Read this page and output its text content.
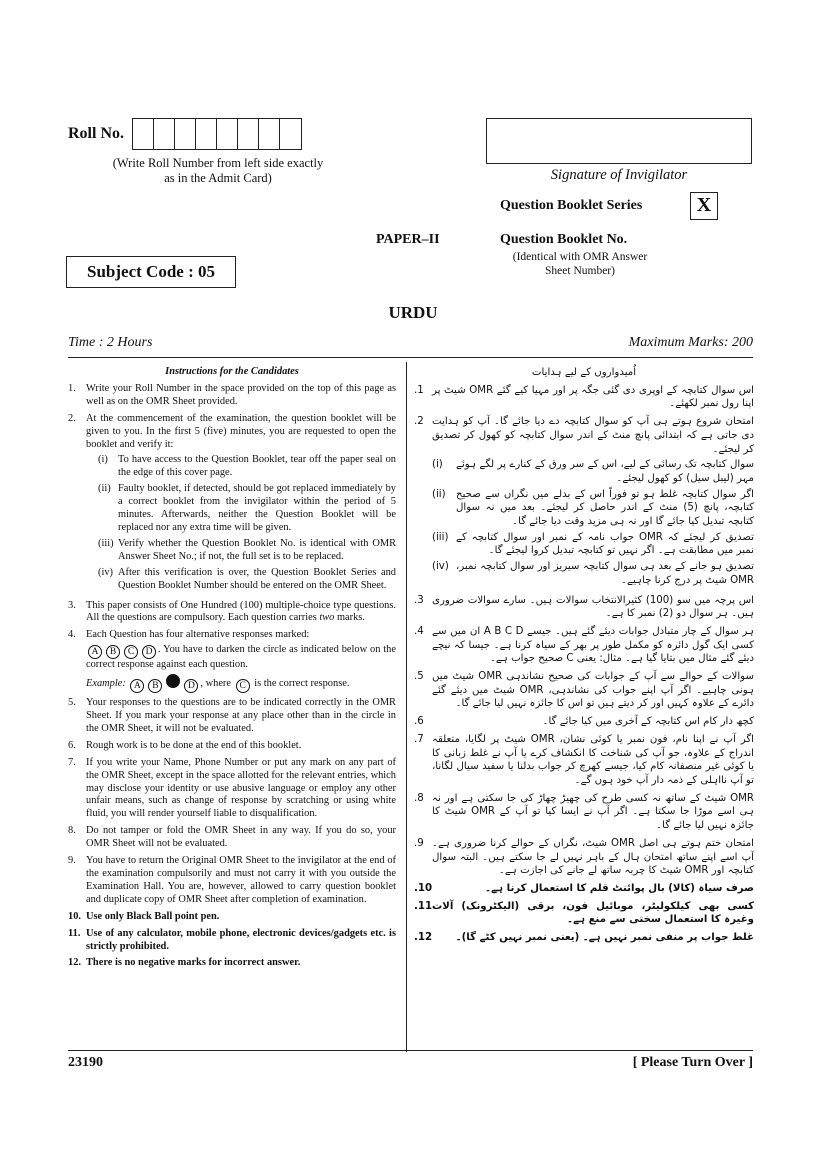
Roll No.
(Write Roll Number from left side exactly as in the Admit Card)	Signature of Invigilator
Question Booklet Series	X
PAPER–II	Question Booklet No.
(Identical with OMR Answer Sheet Number)
Subject Code : 05
URDU
Time : 2 Hours	Maximum Marks: 200
Instructions for the Candidates
1. Write your Roll Number in the space provided on the top of this page as well as on the OMR Sheet provided.
2. At the commencement of the examination, the question booklet will be given to you. In the first 5 (five) minutes, you are requested to open the booklet and verify it:
(i) To have access to the Question Booklet, tear off the paper seal on the edge of this cover page.
(ii) Faulty booklet, if detected, should be got replaced immediately by a correct booklet from the invigilator within the period of 5 minutes. Afterwards, neither the Question Booklet will be replaced nor any extra time will be given.
(iii) Verify whether the Question Booklet No. is identical with OMR Answer Sheet No.; if not, the full set is to be replaced.
(iv) After this verification is over, the Question Booklet Series and Question Booklet Number should be entered on the OMR Sheet.
3. This paper consists of One Hundred (100) multiple-choice type questions. All the questions are compulsory. Each question carries two marks.
4. Each Question has four alternative responses marked:
A B C D . You have to darken the circle as indicated below on the correct response against each question.
Example: A B	D , where C is the correct response.
5. Your responses to the questions are to be indicated correctly in the OMR Sheet. If you mark your response at any place other than in the circle in the OMR Sheet, it will not be evaluated.
6. Rough work is to be done at the end of this booklet.
7. If you write your Name, Phone Number or put any mark on any part of the OMR Sheet, except in the space allotted for the relevant entries, which may disclose your identity or use abusive language or employ any other unfair means, such as change of response by scratching or using white fluid, you will render yourself liable to disqualification.
8. Do not tamper or fold the OMR Sheet in any way. If you do so, your OMR Sheet will not be evaluated.
9. You have to return the Original OMR Sheet to the invigilator at the end of the examination compulsorily and must not carry it with you outside the Examination Hall. You are, however, allowed to carry question booklet and duplicate copy of OMR Sheet after completion of examination.
10. Use only Black Ball point pen.
11. Use of any calculator, mobile phone, electronic devices/gadgets etc. is strictly prohibited.
12. There is no negative marks for incorrect answer.
اُمیدواروں کے لیے ہدایات
اس سوال کتابچہ کے اوپری دی گئی جگہ پر اور مہیا کیے گئے OMR شیٹ پر اپنا رول نمبر لکھئے۔
.1
امتحان شروع ہوتے ہی آپ کو سوال کتابچہ دے دیا جائے گا۔ آپ کو ہدایت دی جاتی ہے کہ ابتدائی پانچ منٹ کے اندر سوال کتابچہ کو کھول کر تصدیق کر لیجئے۔
سوال کتابچہ تک رسائی کے لیے، اس کے سر ورق کے کنارے پر لگے ہوئے مہر (لیبل سیل) کو کھول لیجئے۔
(i)
اگر سوال کتابچہ غلط ہو تو فوراً اس کے بدلے میں نگراں سے صحیح کتابچہ، پانچ (5) منٹ کے اندر حاصل کر لیجئے۔ بعد میں نہ سوال کتابچہ تبدیل کیا جائے گا اور نہ ہی مزید وقت دیا جائے گا۔
(ii)
تصدیق کر لیجئے کہ OMR جواب نامہ کے نمبر اور سوال کتابچہ کے نمبر میں مطابقت ہے۔ اگر نہیں تو کتابچہ تبدیل کروا لیجئے گا۔
(iii)
تصدیق ہو جانے کے بعد ہی سوال کتابچہ سیریز اور سوال کتابچہ نمبر، OMR شیٹ پر درج کرنا چاہیے۔
(iv)
.2
اس پرچہ میں سو (100) کثیرالانتخاب سوالات ہیں۔ سارے سوالات ضروری ہیں۔ ہر سوال دو (2) نمبر کا ہے۔
.3
ہر سوال کے چار متبادل جوابات دیئے گئے ہیں۔ جیسے A B C D ان میں سے کسی ایک گول دائرہ کو مکمل طور پر بھر کے سیاہ کرنا ہے۔ جیسا کہ نیچے دیئے گئے مثال میں بتایا گیا ہے۔ مثال: یعنی C صحیح جواب ہے۔
.4
سوالات کے حوالے سے آپ کے جوابات کی صحیح نشاندہی OMR شیٹ میں ہونی چاہیے۔ اگر آپ اپنے جواب کی نشاندہی، OMR شیٹ میں دیئے گئے دائرے کے علاوہ کہیں اور کر دیتے ہیں تو اس کا جائزہ نہیں لیا جائے گا۔
.5
کچھ دار کام اس کتابچہ کے آخری میں کیا جائے گا۔
.6
اگر آپ نے اپنا نام، فون نمبر یا کوئی نشان، OMR شیٹ پر لگایا، متعلقہ اندراج کے علاوہ، جو آپ کی شناخت کا انکشاف کرے یا آپ نے غلط زبانی کا یا کوئی غیر منصفانہ کام کیا، جیسے کھرچ کر جواب بدلنا یا سفید سیال لگانا، تو آپ نااہلی کے ذمہ دار آپ خود ہوں گے۔
.7
OMR شیٹ کے ساتھ نہ کسی طرح کی چھیڑ چھاڑ کی جا سکتی ہے اور نہ ہی اسے موڑا جا سکتا ہے۔ اگر آپ نے ایسا کیا تو آپ کے OMR شیٹ کا جائزہ نہیں لیا جائے گا۔
.8
امتحان ختم ہوتے ہی اصل OMR شیٹ، نگراں کے حوالے کرنا ضروری ہے۔ آپ اسے اپنے ساتھ امتحان ہال کے باہر نہیں لے جا سکتے ہیں۔ البتہ سوال کتابچہ اور OMR شیٹ کا چربہ ساتھ لے جانے کی اجازت ہے۔
.9
صرف سیاہ (کالا) بال پوائنٹ قلم کا استعمال کرنا ہے۔
.10
کسی بھی کیلکولیٹر، موبائیل فون، برقی (الیکٹرونک) آلات وغیرہ کا استعمال سختی سے منع ہے۔
.11
غلط جواب پر منفی نمبر نہیں ہے۔ (یعنی نمبر نہیں کٹے گا)۔
.12
23190	[ Please Turn Over ]
